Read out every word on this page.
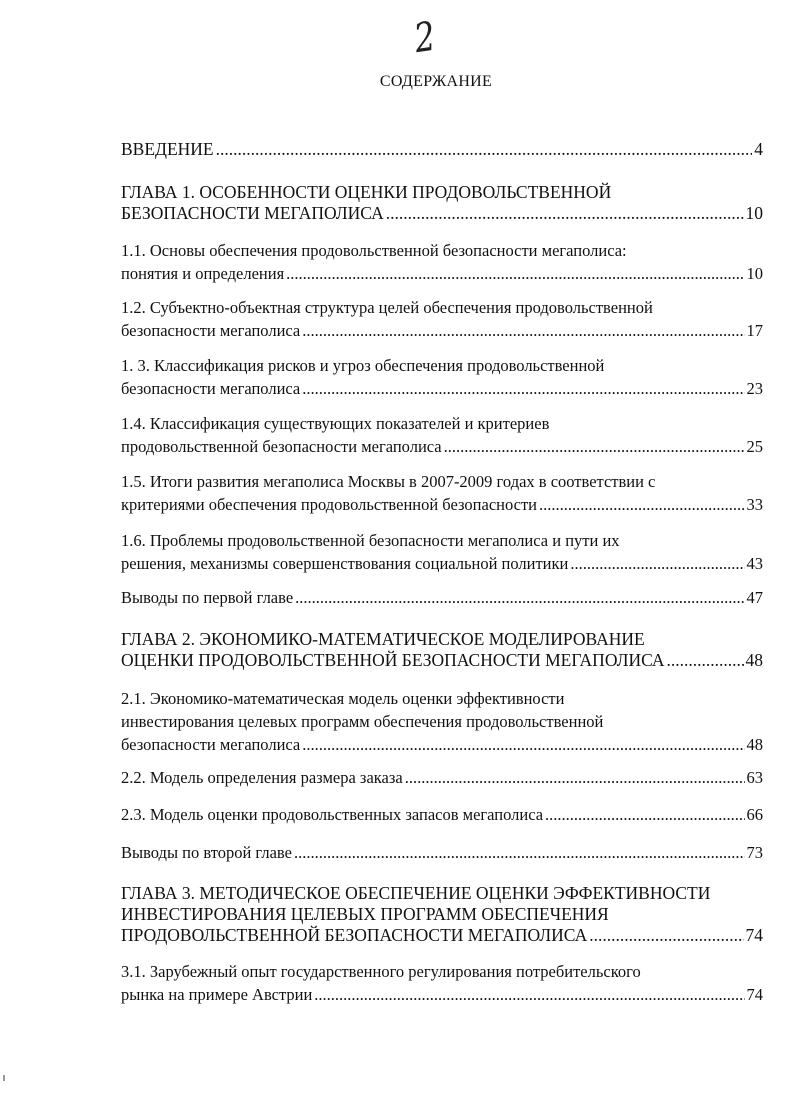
2
СОДЕРЖАНИЕ
ВВЕДЕНИЕ .....	4
ГЛАВА 1. ОСОБЕННОСТИ ОЦЕНКИ ПРОДОВОЛЬСТВЕННОЙ
БЕЗОПАСНОСТИ МЕГАПОЛИСА .....	10
1.1. Основы обеспечения продовольственной безопасности мегаполиса:
понятия и определения .....	10
1.2. Субъектно-объектная структура целей обеспечения продовольственной
безопасности мегаполиса .....	17
1. 3. Классификация рисков и угроз обеспечения продовольственной
безопасности мегаполиса .....	23
1.4. Классификация существующих показателей и критериев
продовольственной безопасности мегаполиса .....	25
1.5. Итоги развития мегаполиса Москвы в 2007-2009 годах в соответствии с
критериями обеспечения продовольственной безопасности .....	33
1.6. Проблемы продовольственной безопасности мегаполиса и пути их
решения, механизмы совершенствования социальной политики .....	43
Выводы по первой главе .....	47
ГЛАВА 2. ЭКОНОМИКО-МАТЕМАТИЧЕСКОЕ МОДЕЛИРОВАНИЕ
ОЦЕНКИ ПРОДОВОЛЬСТВЕННОЙ БЕЗОПАСНОСТИ МЕГАПОЛИСА .....	48
2.1. Экономико-математическая модель оценки эффективности
инвестирования целевых программ обеспечения продовольственной
безопасности мегаполиса .....	48
2.2. Модель определения размера заказа .....	63
2.3. Модель оценки продовольственных запасов мегаполиса .....	66
Выводы по второй главе .....	73
ГЛАВА 3. МЕТОДИЧЕСКОЕ ОБЕСПЕЧЕНИЕ ОЦЕНКИ ЭФФЕКТИВНОСТИ
ИНВЕСТИРОВАНИЯ ЦЕЛЕВЫХ ПРОГРАММ ОБЕСПЕЧЕНИЯ
ПРОДОВОЛЬСТВЕННОЙ БЕЗОПАСНОСТИ МЕГАПОЛИСА .....	74
3.1. Зарубежный опыт государственного регулирования потребительского
рынка на примере Австрии .....	74
